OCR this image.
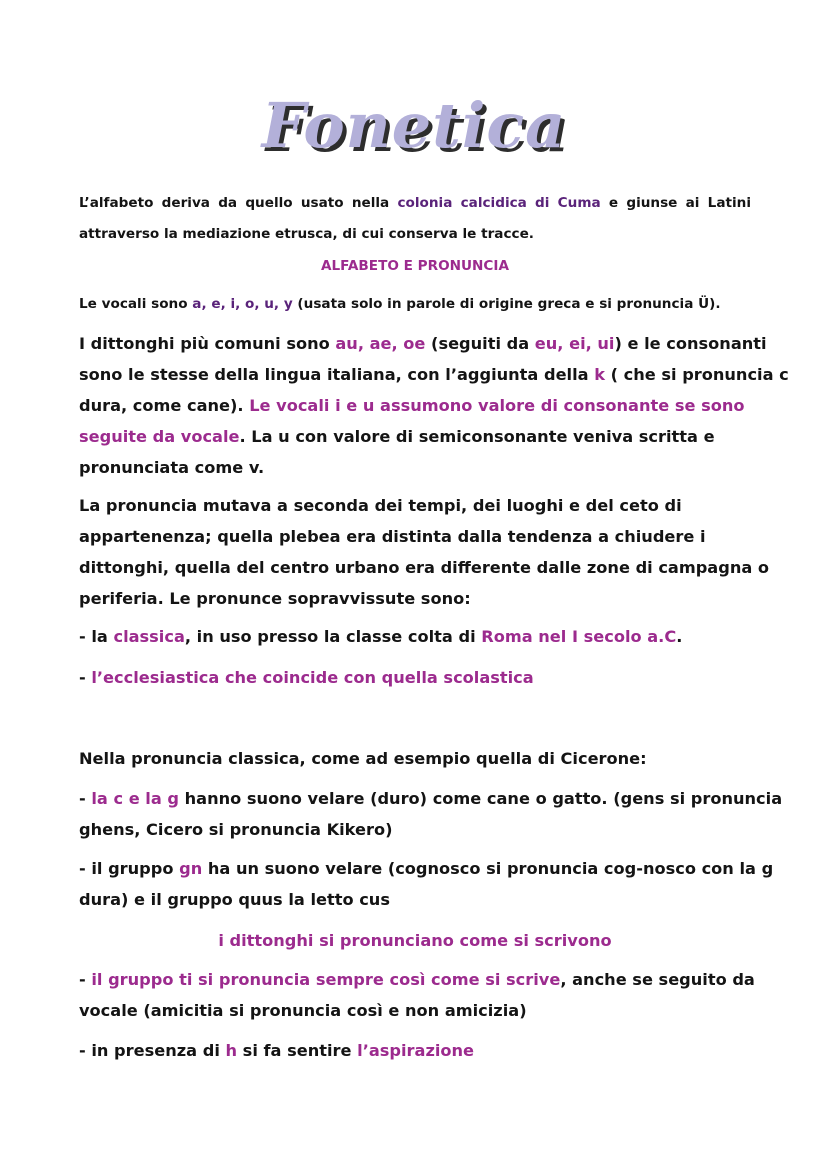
Fonetica
L’alfabeto deriva da quello usato nella colonia calcidica di Cuma e giunse ai Latini attraverso la mediazione etrusca, di cui conserva le tracce.
ALFABETO E PRONUNCIA
Le vocali sono a, e, i, o, u, y (usata solo in parole di origine greca e si pronuncia Ü).
I dittonghi più comuni sono au, ae, oe (seguiti da eu, ei, ui) e le consonanti
sono le stesse della lingua italiana, con l’aggiunta della k ( che si pronuncia c
dura, come cane). Le vocali i e u assumono valore di consonante se sono
seguite da vocale. La u con valore di semiconsonante veniva scritta e
pronunciata come v.
La pronuncia mutava a seconda dei tempi, dei luoghi e del ceto di
appartenenza; quella plebea era distinta dalla tendenza a chiudere i
dittonghi, quella del centro urbano era differente dalle zone di campagna o
periferia. Le pronunce sopravvissute sono:
- la classica, in uso presso la classe colta di Roma nel I secolo a.C.
- l’ecclesiastica che coincide con quella scolastica
Nella pronuncia classica, come ad esempio quella di Cicerone:
- la c e la g hanno suono velare (duro) come cane o gatto. (gens si pronuncia
ghens, Cicero si pronuncia Kikero)
- il gruppo gn ha un suono velare (cognosco si pronuncia cog-nosco con la g
dura) e il gruppo quus la letto cus
i dittonghi si pronunciano come si scrivono
- il gruppo ti si pronuncia sempre così come si scrive, anche se seguito da
vocale (amicitia si pronuncia così e non amicizia)
- in presenza di h si fa sentire l’aspirazione
